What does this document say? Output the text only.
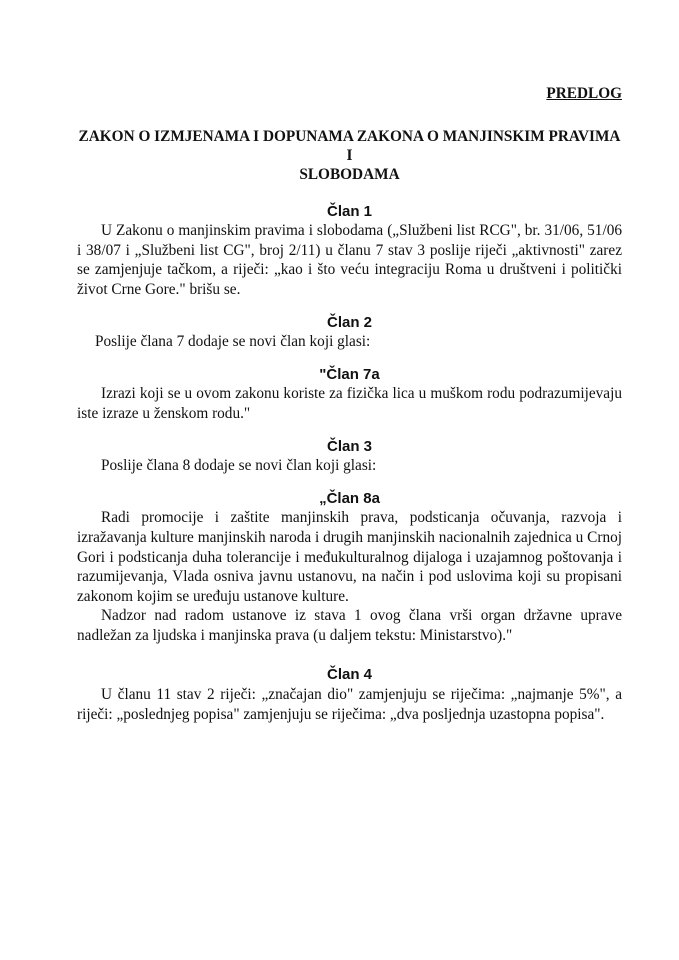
PREDLOG

ZAKON O IZMJENAMA I DOPUNAMA ZAKONA O MANJINSKIM PRAVIMA I
SLOBODAMA
Član 1

U Zakonu o manjinskim pravima i slobodama („Službeni list RCG", br. 31/06, 51/06 i 38/07 i „Službeni list CG", broj 2/11) u članu 7 stav 3 poslije riječi „aktivnosti" zarez se zamjenjuje tačkom, a riječi: „kao i što veću integraciju Roma u društveni i politički život Crne Gore." brišu se.

Član 2

Poslije člana 7 dodaje se novi član koji glasi:

"Član 7a

Izrazi koji se u ovom zakonu koriste za fizička lica u muškom rodu podrazumijevaju iste izraze u ženskom rodu."

Član 3

Poslije člana 8 dodaje se novi član koji glasi:

„Član 8a

Radi promocije i zaštite manjinskih prava, podsticanja očuvanja, razvoja i izražavanja kulture manjinskih naroda i drugih manjinskih nacionalnih zajednica u Crnoj Gori i podsticanja duha tolerancije i međukulturalnog dijaloga i uzajamnog poštovanja i razumijevanja, Vlada osniva javnu ustanovu, na način i pod uslovima koji su propisani zakonom kojim se uređuju ustanove kulture.

Nadzor nad radom ustanove iz stava 1 ovog člana vrši organ državne uprave nadležan za ljudska i manjinska prava (u daljem tekstu: Ministarstvo)."

Član 4

U članu 11 stav 2 riječi: „značajan dio" zamjenjuju se riječima: „najmanje 5%", a riječi: „poslednjeg popisa" zamjenjuju se riječima: „dva posljednja uzastopna popisa".
